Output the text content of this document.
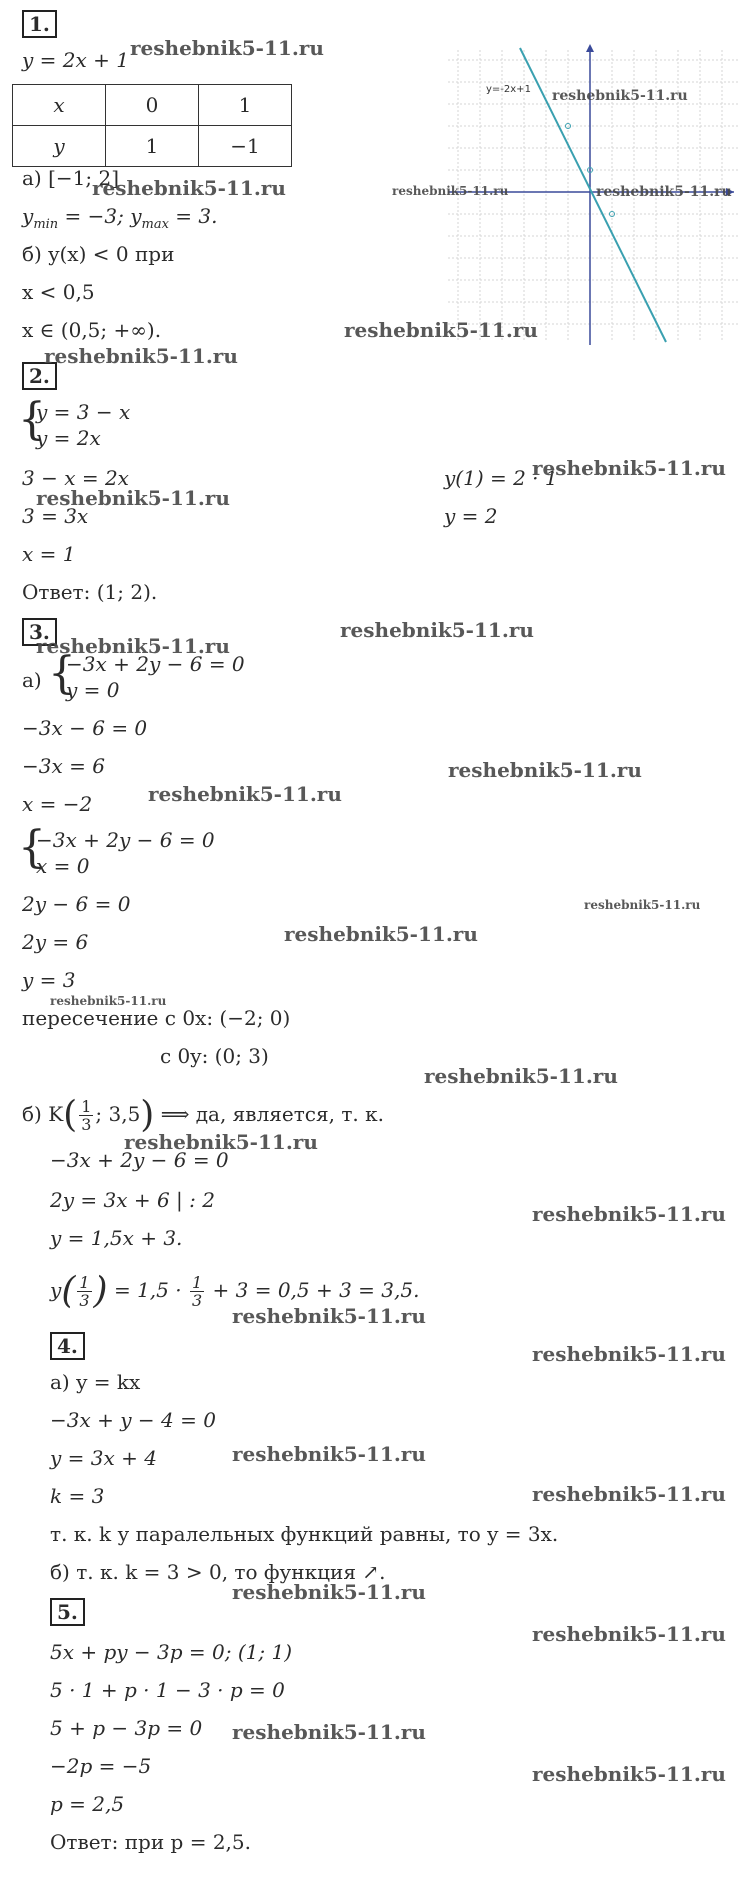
1.
y = 2x + 1
x	0	1
y	1	−1
а) [−1; 2]
$y_{min} = -3$; $y_{max} = 3$.
б) y(x) < 0 при
x < 0,5
x ∈ (0,5; +∞).
y=-2x+1
2.
{
y = 3 − x
y = 2x
3 − x = 2x
3 = 3x
x = 1
Ответ: (1; 2).
y(1) = 2 · 1
y = 2
3.
а) {
−3x + 2y − 6 = 0
y = 0
−3x − 6 = 0
−3x = 6
x = −2
{
−3x + 2y − 6 = 0
x = 0
2y − 6 = 0
2y = 6
y = 3
пересечение с 0x: (−2; 0)
с 0y: (0; 3)
б) $K( \frac{1}{3}$ ; 3,5) ⟹ да, является, т. к.
−3x + 2y − 6 = 0
2y = 3x + 6 | : 2
y = 1,5x + 3.
$y( \frac{1}{3}$ ) = $1,5 \cdot \frac{1}{3} + 3 = 0,5 + 3 = 3,5$.
4.
а) y = kx
−3x + y − 4 = 0
y = 3x + 4
k = 3
т. к. k у паралельных функций равны, то y = 3x.
б) т. к. k = 3 > 0, то функция ↗.
5.
5x + py − 3p = 0; (1; 1)
5 · 1 + p · 1 − 3 · p = 0
5 + p − 3p = 0
−2p = −5
p = 2,5
Ответ: при p = 2,5.
reshebnik5-11.ru
reshebnik5-11.ru
reshebnik5-11.ru	reshebnik5-11.ru	reshebnik5-11.ru
reshebnik5-11.ru
reshebnik5-11.ru
reshebnik5-11.ru
reshebnik5-11.ru
reshebnik5-11.ru
reshebnik5-11.ru
reshebnik5-11.ru
reshebnik5-11.ru
reshebnik5-11.ru
reshebnik5-11.ru
reshebnik5-11.ru
reshebnik5-11.ru
reshebnik5-11.ru
reshebnik5-11.ru
reshebnik5-11.ru
reshebnik5-11.ru
reshebnik5-11.ru
reshebnik5-11.ru
reshebnik5-11.ru
reshebnik5-11.ru
reshebnik5-11.ru
reshebnik5-11.ru
